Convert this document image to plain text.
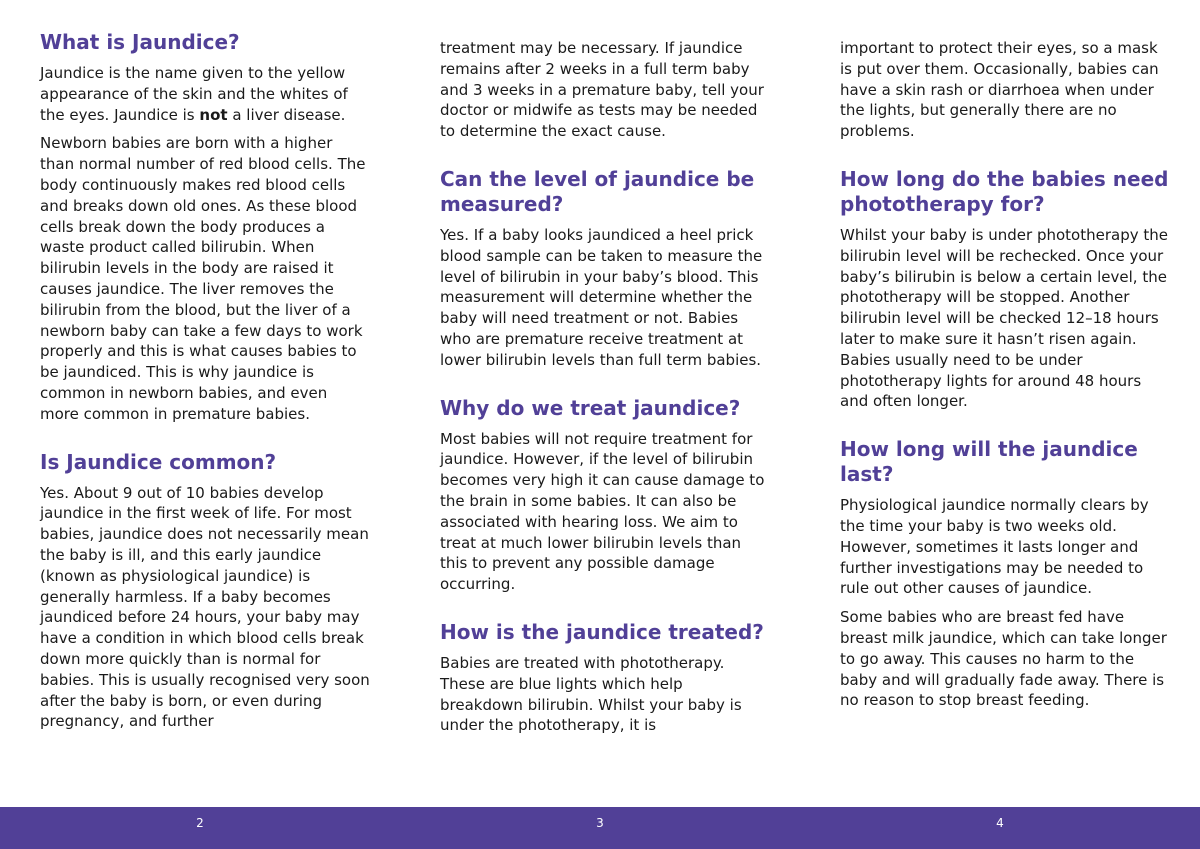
What is Jaundice?

Jaundice is the name given to the yellow appearance of the skin and the whites of the eyes. Jaundice is not a liver disease.

Newborn babies are born with a higher than normal number of red blood cells. The body continuously makes red blood cells and breaks down old ones. As these blood cells break down the body produces a waste product called bilirubin. When bilirubin levels in the body are raised it causes jaundice. The liver removes the bilirubin from the blood, but the liver of a newborn baby can take a few days to work properly and this is what causes babies to be jaundiced. This is why jaundice is common in newborn babies, and even more common in premature babies.

Is Jaundice common?

Yes. About 9 out of 10 babies develop jaundice in the first week of life. For most babies, jaundice does not necessarily mean the baby is ill, and this early jaundice (known as physiological jaundice) is generally harmless. If a baby becomes jaundiced before 24 hours, your baby may have a condition in which blood cells break down more quickly than is normal for babies. This is usually recognised very soon after the baby is born, or even during pregnancy, and further

treatment may be necessary. If jaundice remains after 2 weeks in a full term baby and 3 weeks in a premature baby, tell your doctor or midwife as tests may be needed to determine the exact cause.

Can the level of jaundice be measured?

Yes. If a baby looks jaundiced a heel prick blood sample can be taken to measure the level of bilirubin in your baby’s blood. This measurement will determine whether the baby will need treatment or not. Babies who are premature receive treatment at lower bilirubin levels than full term babies.

Why do we treat jaundice?

Most babies will not require treatment for jaundice. However, if the level of bilirubin becomes very high it can cause damage to the brain in some babies. It can also be associated with hearing loss. We aim to treat at much lower bilirubin levels than this to prevent any possible damage occurring.

How is the jaundice treated?

Babies are treated with phototherapy. These are blue lights which help breakdown bilirubin. Whilst your baby is under the phototherapy, it is

important to protect their eyes, so a mask is put over them. Occasionally, babies can have a skin rash or diarrhoea when under the lights, but generally there are no problems.

How long do the babies need phototherapy for?

Whilst your baby is under phototherapy the bilirubin level will be rechecked. Once your baby’s bilirubin is below a certain level, the phototherapy will be stopped. Another bilirubin level will be checked 12–18 hours later to make sure it hasn’t risen again. Babies usually need to be under phototherapy lights for around 48 hours and often longer.

How long will the jaundice last?

Physiological jaundice normally clears by the time your baby is two weeks old. However, sometimes it lasts longer and further investigations may be needed to rule out other causes of jaundice.

Some babies who are breast fed have breast milk jaundice, which can take longer to go away. This causes no harm to the baby and will gradually fade away. There is no reason to stop breast feeding.

2	3	4
